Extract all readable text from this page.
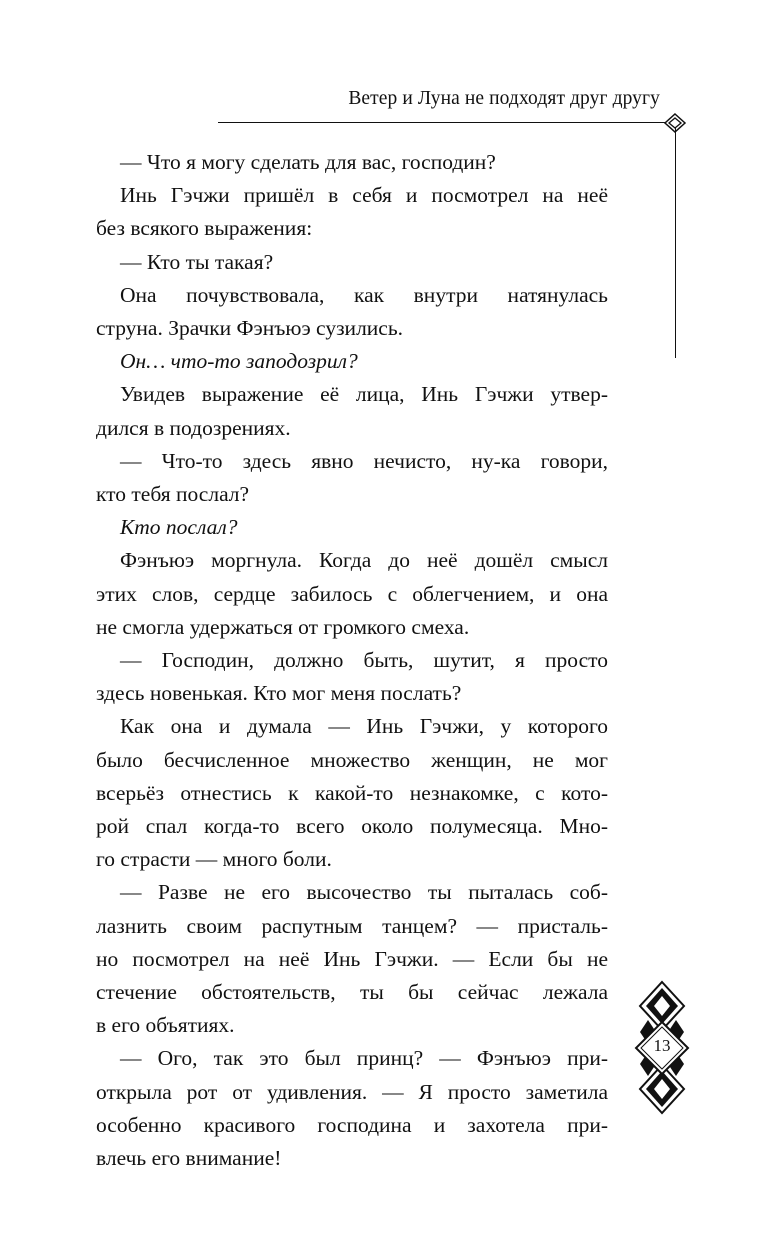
Ветер и Луна не подходят друг другу

— Что я могу сделать для вас, господин?

Инь Гэчжи пришёл в себя и посмотрел на неё
без всякого выражения:

— Кто ты такая?

Она почувствовала, как внутри натянулась
струна. Зрачки Фэнъюэ сузились.

Он… что-то заподозрил?

Увидев выражение её лица, Инь Гэчжи утвер-
дился в подозрениях.

— Что-то здесь явно нечисто, ну-ка говори,
кто тебя послал?

Кто послал?

Фэнъюэ моргнула. Когда до неё дошёл смысл
этих слов, сердце забилось с облегчением, и она
не смогла удержаться от громкого смеха.

— Господин, должно быть, шутит, я просто
здесь новенькая. Кто мог меня послать?

Как она и думала — Инь Гэчжи, у которого
было бесчисленное множество женщин, не мог
всерьёз отнестись к какой-то незнакомке, с кото-
рой спал когда-то всего около полумесяца. Мно-
го страсти — много боли.

— Разве не его высочество ты пыталась соб-
лазнить своим распутным танцем? — присталь-
но посмотрел на неё Инь Гэчжи. — Если бы не
стечение обстоятельств, ты бы сейчас лежала
в его объятиях.

— Ого, так это был принц? — Фэнъюэ при-
открыла рот от удивления. — Я просто заметила
особенно красивого господина и захотела при-
влечь его внимание!

13
